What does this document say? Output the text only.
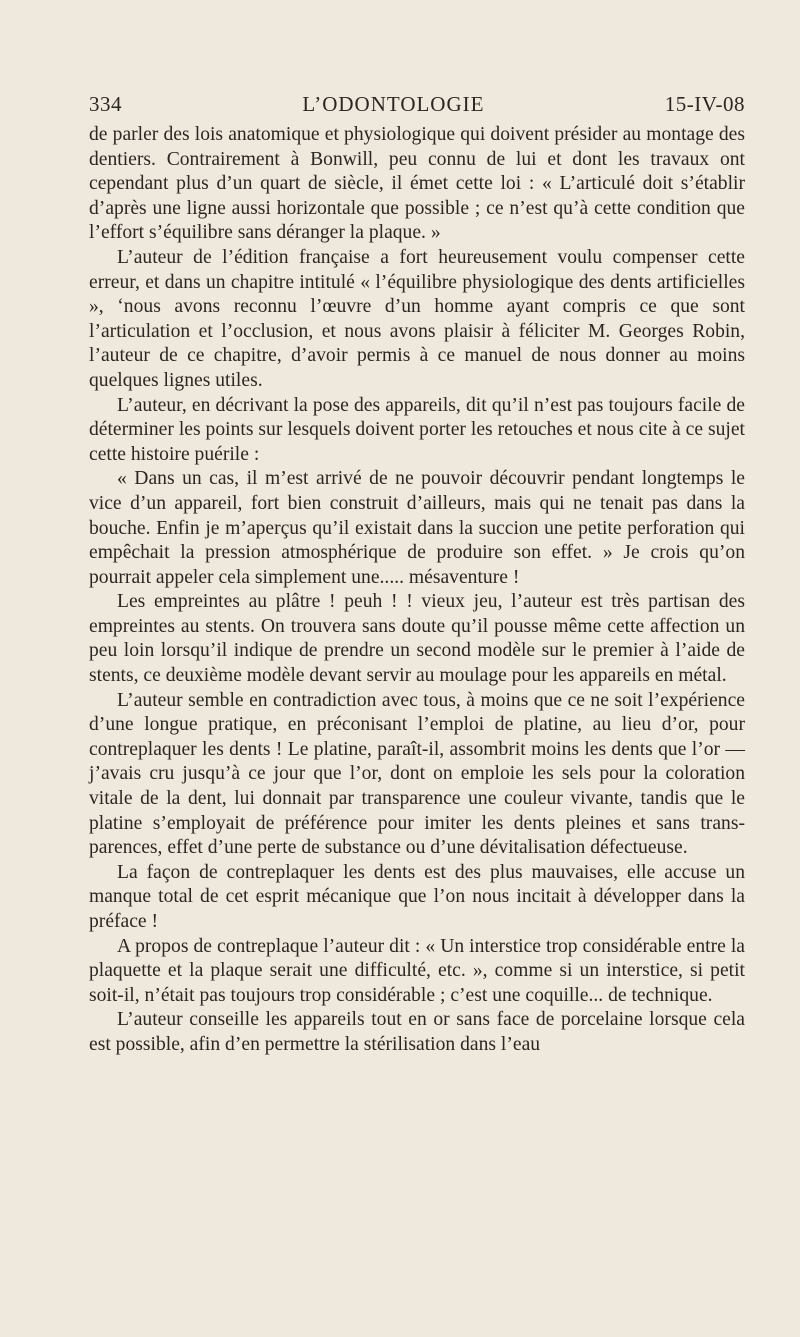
334	L’ODONTOLOGIE	15-IV-08

de parler des lois anatomique et physiologique qui doivent présider au montage des dentiers. Contrairement à Bonwill, peu connu de lui et dont les travaux ont cependant plus d’un quart de siècle, il émet cette loi : « L’articulé doit s’établir d’après une ligne aussi horizontale que possible ; ce n’est qu’à cette condition que l’effort s’équilibre sans déranger la plaque. »

L’auteur de l’édition française a fort heureusement voulu compenser cette erreur, et dans un chapitre intitulé « l’équilibre physiologique des dents artificielles », ‘nous avons reconnu l’œuvre d’un homme ayant compris ce que sont l’articulation et l’occlusion, et nous avons plaisir à féliciter M. Georges Robin, l’auteur de ce chapitre, d’avoir permis à ce manuel de nous donner au moins quelques lignes utiles.

L’auteur, en décrivant la pose des appareils, dit qu’il n’est pas toujours facile de déterminer les points sur lesquels doivent porter les retouches et nous cite à ce sujet cette histoire puérile :

« Dans un cas, il m’est arrivé de ne pouvoir découvrir pendant longtemps le vice d’un appareil, fort bien construit d’ailleurs, mais qui ne tenait pas dans la bouche. Enfin je m’aperçus qu’il existait dans la succion une petite perforation qui empêchait la pression atmosphérique de produire son effet. » Je crois qu’on pourrait appeler cela simplement une..... mésaventure !

Les empreintes au plâtre ! peuh ! ! vieux jeu, l’auteur est très partisan des empreintes au stents. On trouvera sans doute qu’il pousse même cette affection un peu loin lorsqu’il indique de prendre un second modèle sur le premier à l’aide de stents, ce deuxième modèle devant servir au moulage pour les appareils en métal.

L’auteur semble en contradiction avec tous, à moins que ce ne soit l’expérience d’une longue pratique, en préconisant l’emploi de platine, au lieu d’or, pour contreplaquer les dents ! Le platine, paraît-il, assombrit moins les dents que l’or — j’avais cru jusqu’à ce jour que l’or, dont on emploie les sels pour la coloration vitale de la dent, lui donnait par transparence une couleur vivante, tandis que le platine s’employait de préférence pour imiter les dents pleines et sans transparences, effet d’une perte de substance ou d’une dévitalisation défectueuse.

La façon de contreplaquer les dents est des plus mauvaises, elle accuse un manque total de cet esprit mécanique que l’on nous incitait à développer dans la préface !

A propos de contreplaque l’auteur dit : « Un interstice trop considérable entre la plaquette et la plaque serait une difficulté, etc. », comme si un interstice, si petit soit-il, n’était pas toujours trop considérable ; c’est une coquille... de technique.

L’auteur conseille les appareils tout en or sans face de porcelaine lorsque cela est possible, afin d’en permettre la stérilisation dans l’eau
